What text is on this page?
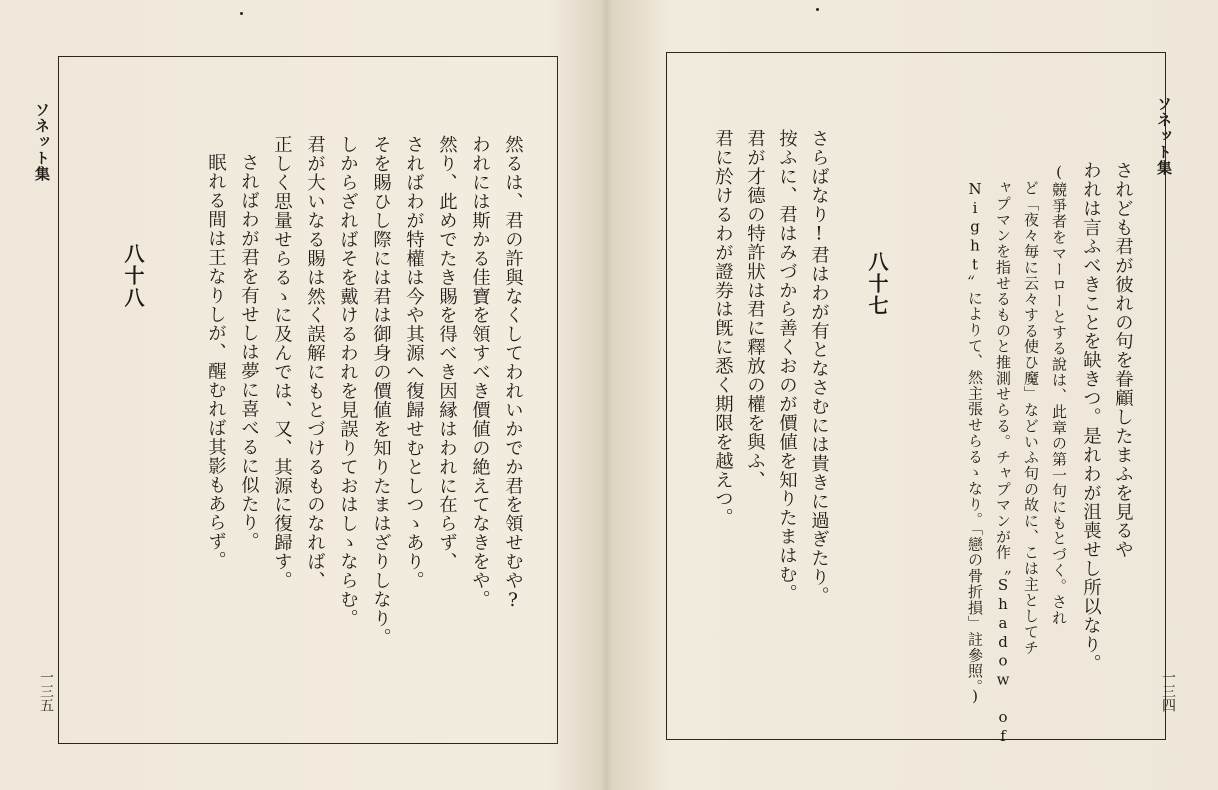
ソネット集	然るは、君の許與なくしてわれいかでか君を領せむや?
われには斯かる佳寶を領すべき價値の絶えてなきをや。
然り、此めでたき賜を得べき因縁はわれに在らず、
さればわが特權は今や其源へ復歸せむとしつゝあり。
そを賜ひし際には君は御身の價値を知りたまはざりしなり。
しからざればそを戴けるわれを見誤りておはしゝならむ。
君が大いなる賜は然く誤解にもとづけるものなれば、
正しく思量せらるゝに及んでは、又、其源に復歸す。
さればわが君を有せしは夢に喜べるに似たり。
眠れる間は王なりしが、醒むれば其影もあらず。
八十八
一三五
ソネット集
されども君が彼れの句を眷顧したまふを見るや
われは言ふべきことを缺きつ。是れわが沮喪せし所以なり。
(競爭者をマーローとする說は、此章の第一句にもとづく。され
ど「夜々毎に云々する使ひ魔」などいふ句の故に、こは主としてチ
ャプマンを指せるものと推測せらる。チャプマンが作〝Shadow of
Night〟によりて、然主張せらるゝなり。「戀の骨折損」註參照。)
八十七
さらばなり!君はわが有となさむには貴きに過ぎたり。
按ふに、君はみづから善くおのが價値を知りたまはむ。
君が才德の特許狀は君に釋放の權を與ふ、
君に於けるわが證券は旣に悉く期限を越えつ。
一三四
